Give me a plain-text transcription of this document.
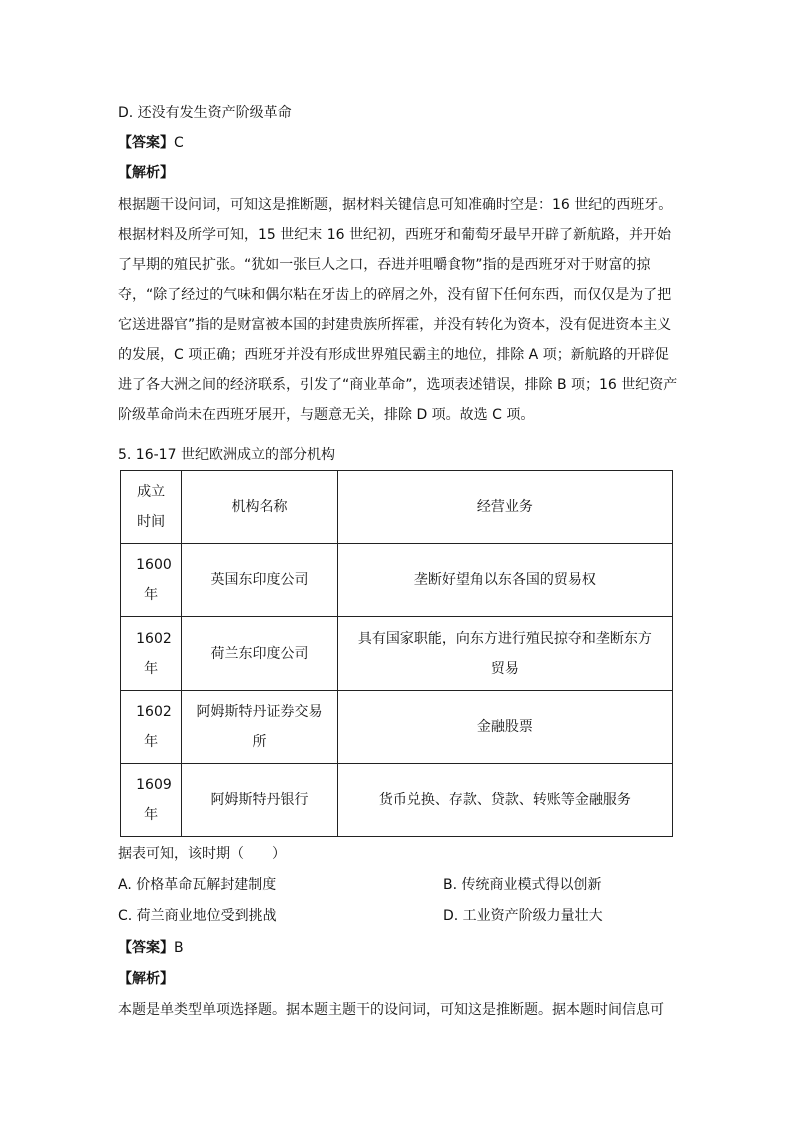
D. 还没有发生资产阶级革命
【答案】C
【解析】
根据题干设问词，可知这是推断题，据材料关键信息可知准确时空是：16 世纪的西班牙。
根据材料及所学可知，15 世纪末 16 世纪初，西班牙和葡萄牙最早开辟了新航路，并开始
了早期的殖民扩张。“犹如一张巨人之口，吞进并咀嚼食物”指的是西班牙对于财富的掠
夺，“除了经过的气味和偶尔粘在牙齿上的碎屑之外，没有留下任何东西，而仅仅是为了把
它送进器官”指的是财富被本国的封建贵族所挥霍，并没有转化为资本，没有促进资本主义
的发展，C 项正确；西班牙并没有形成世界殖民霸主的地位，排除 A 项；新航路的开辟促
进了各大洲之间的经济联系，引发了“商业革命”，选项表述错误，排除 B 项；16 世纪资产
阶级革命尚未在西班牙展开，与题意无关，排除 D 项。故选 C 项。
5. 16-17 世纪欧洲成立的部分机构
成立时间	机构名称	经营业务

1600年	英国东印度公司	垄断好望角以东各国的贸易权

1602年	荷兰东印度公司	具有国家职能，向东方进行殖民掠夺和垄断东方贸易

1602年	阿姆斯特丹证券交易所	金融股票

1609年	阿姆斯特丹银行	货币兑换、存款、贷款、转账等金融服务
据表可知，该时期（　　）
A. 价格革命瓦解封建制度	B. 传统商业模式得以创新
C. 荷兰商业地位受到挑战	D. 工业资产阶级力量壮大
【答案】B
【解析】
本题是单类型单项选择题。据本题主题干的设问词，可知这是推断题。据本题时间信息可
